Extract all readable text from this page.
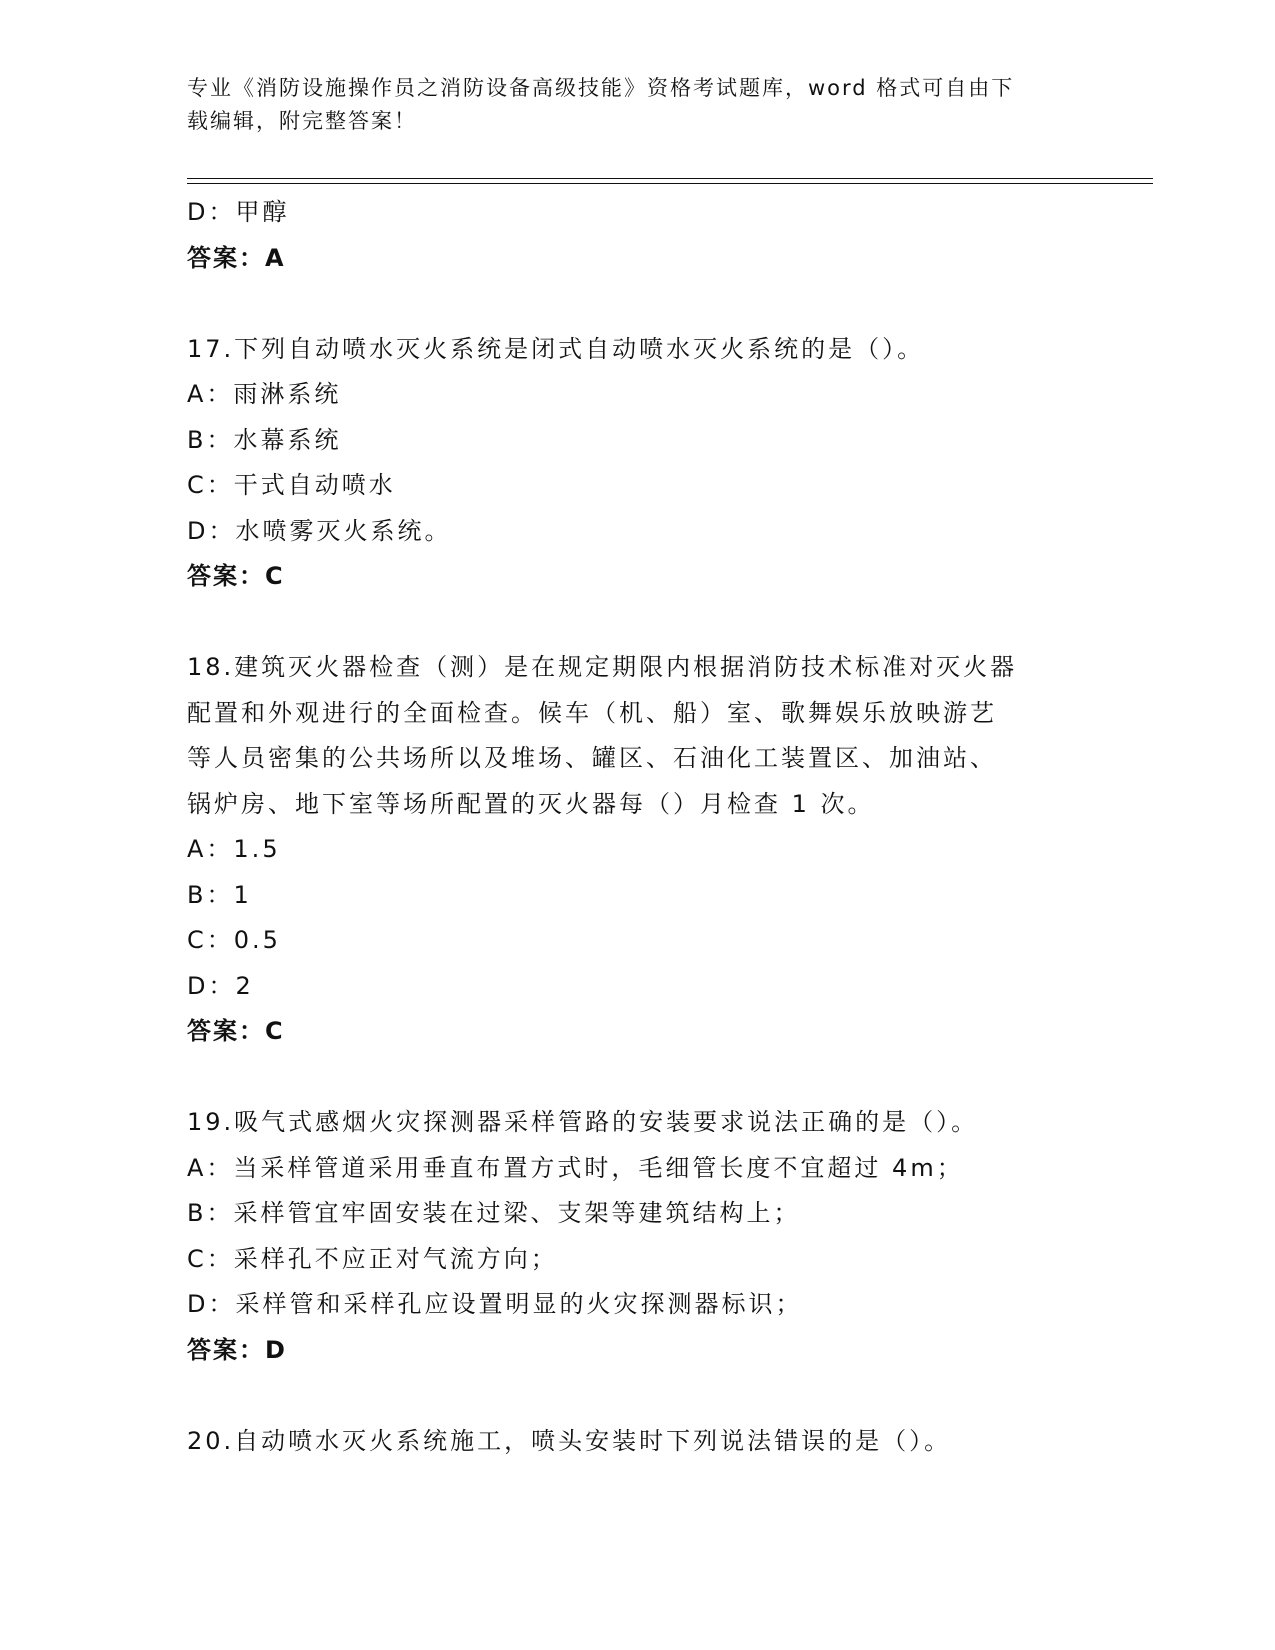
专业《消防设施操作员之消防设备高级技能》资格考试题库，word 格式可自由下
载编辑，附完整答案！
D：甲醇
答案：A
17.下列自动喷水灭火系统是闭式自动喷水灭火系统的是（）。
A：雨淋系统
B：水幕系统
C：干式自动喷水
D：水喷雾灭火系统。
答案：C
18.建筑灭火器检查（测）是在规定期限内根据消防技术标准对灭火器
配置和外观进行的全面检查。候车（机、船）室、歌舞娱乐放映游艺
等人员密集的公共场所以及堆场、罐区、石油化工装置区、加油站、
锅炉房、地下室等场所配置的灭火器每（）月检查 1 次。
A：1.5
B：1
C：0.5
D：2
答案：C
19.吸气式感烟火灾探测器采样管路的安装要求说法正确的是（）。
A：当采样管道采用垂直布置方式时，毛细管长度不宜超过 4m；
B：采样管宜牢固安装在过梁、支架等建筑结构上；
C：采样孔不应正对气流方向；
D：采样管和采样孔应设置明显的火灾探测器标识；
答案：D
20.自动喷水灭火系统施工，喷头安装时下列说法错误的是（）。
